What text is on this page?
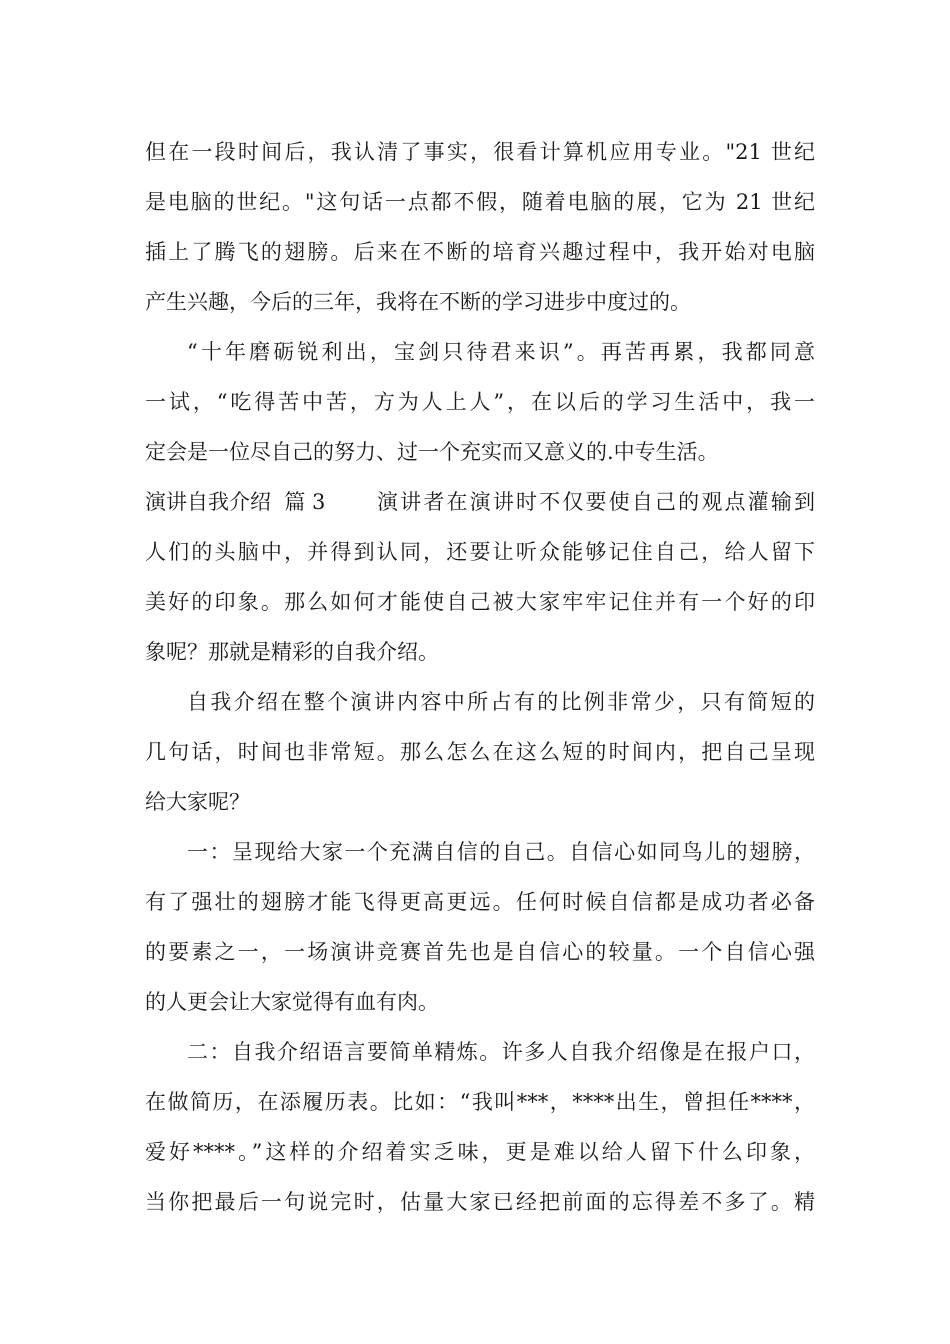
但在一段时间后，我认清了事实，很看计算机应用专业。"21 世纪
是电脑的世纪。"这句话一点都不假，随着电脑的展，它为 21 世纪
插上了腾飞的翅膀。后来在不断的培育兴趣过程中，我开始对电脑
产生兴趣，今后的三年，我将在不断的学习进步中度过的。
“十年磨砺锐利出，宝剑只待君来识”。再苦再累，我都同意
一试，“吃得苦中苦，方为人上人”，在以后的学习生活中，我一
定会是一位尽自己的努力、过一个充实而又意义的.中专生活。
演讲自我介绍  篇 3 演讲者在演讲时不仅要使自己的观点灌输到
人们的头脑中，并得到认同，还要让听众能够记住自己，给人留下
美好的印象。那么如何才能使自己被大家牢牢记住并有一个好的印
象呢？那就是精彩的自我介绍。
自我介绍在整个演讲内容中所占有的比例非常少，只有简短的
几句话，时间也非常短。那么怎么在这么短的时间内，把自己呈现
给大家呢？
一：呈现给大家一个充满自信的自己。自信心如同鸟儿的翅膀，
有了强壮的翅膀才能飞得更高更远。任何时候自信都是成功者必备
的要素之一，一场演讲竞赛首先也是自信心的较量。一个自信心强
的人更会让大家觉得有血有肉。
二：自我介绍语言要简单精炼。许多人自我介绍像是在报户口，
在做简历，在添履历表。比如：“我叫***，****出生，曾担任****，
爱好****。”这样的介绍着实乏味，更是难以给人留下什么印象，
当你把最后一句说完时，估量大家已经把前面的忘得差不多了。精
